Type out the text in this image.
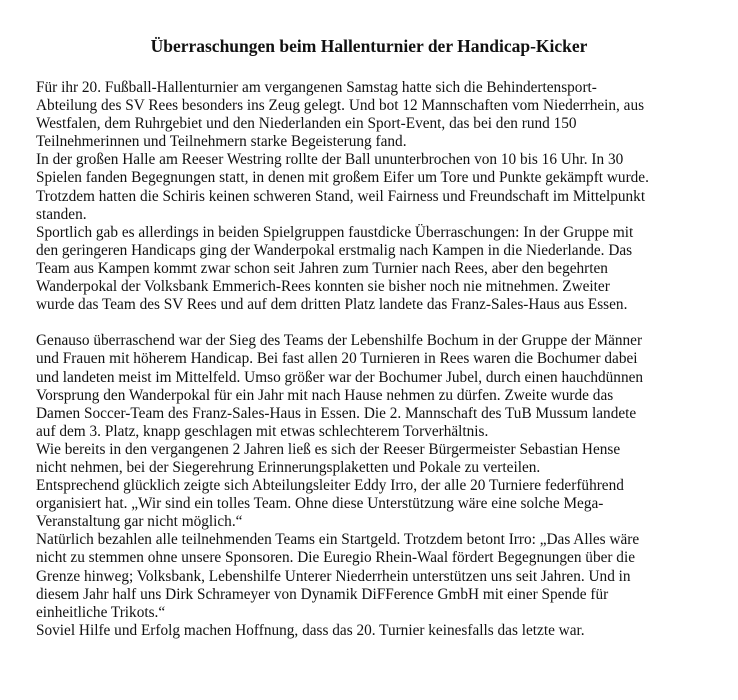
Überraschungen beim Hallenturnier der Handicap-Kicker
Für ihr 20. Fußball-Hallenturnier am vergangenen Samstag hatte sich die Behindertensport-
Abteilung des SV Rees besonders ins Zeug gelegt. Und bot 12 Mannschaften vom Niederrhein, aus
Westfalen, dem Ruhrgebiet und den Niederlanden ein Sport-Event, das bei den rund 150
Teilnehmerinnen und Teilnehmern starke Begeisterung fand.
In der großen Halle am Reeser Westring rollte der Ball ununterbrochen von 10 bis 16 Uhr. In 30
Spielen fanden Begegnungen statt, in denen mit großem Eifer um Tore und Punkte gekämpft wurde.
Trotzdem hatten die Schiris keinen schweren Stand, weil Fairness und Freundschaft im Mittelpunkt
standen.
Sportlich gab es allerdings in beiden Spielgruppen faustdicke Überraschungen: In der Gruppe mit
den geringeren Handicaps ging der Wanderpokal erstmalig nach Kampen in die Niederlande. Das
Team aus Kampen kommt zwar schon seit Jahren zum Turnier nach Rees, aber den begehrten
Wanderpokal der Volksbank Emmerich-Rees konnten sie bisher noch nie mitnehmen. Zweiter
wurde das Team des SV Rees und auf dem dritten Platz landete das Franz-Sales-Haus aus Essen.
Genauso überraschend war der Sieg des Teams der Lebenshilfe Bochum in der Gruppe der Männer
und Frauen mit höherem Handicap. Bei fast allen 20 Turnieren in Rees waren die Bochumer dabei
und landeten meist im Mittelfeld. Umso größer war der Bochumer Jubel, durch einen hauchdünnen
Vorsprung den Wanderpokal für ein Jahr mit nach Hause nehmen zu dürfen. Zweite wurde das
Damen Soccer-Team des Franz-Sales-Haus in Essen. Die 2. Mannschaft des TuB Mussum landete
auf dem 3. Platz, knapp geschlagen mit etwas schlechterem Torverhältnis.
Wie bereits in den vergangenen 2 Jahren ließ es sich der Reeser Bürgermeister Sebastian Hense
nicht nehmen, bei der Siegerehrung Erinnerungsplaketten und Pokale zu verteilen.
Entsprechend glücklich zeigte sich Abteilungsleiter Eddy Irro, der alle 20 Turniere federführend
organisiert hat. „Wir sind ein tolles Team. Ohne diese Unterstützung wäre eine solche Mega-
Veranstaltung gar nicht möglich.“
Natürlich bezahlen alle teilnehmenden Teams ein Startgeld. Trotzdem betont Irro: „Das Alles wäre
nicht zu stemmen ohne unsere Sponsoren. Die Euregio Rhein-Waal fördert Begegnungen über die
Grenze hinweg; Volksbank, Lebenshilfe Unterer Niederrhein unterstützen uns seit Jahren. Und in
diesem Jahr half uns Dirk Schrameyer von Dynamik DiFFerence GmbH mit einer Spende für
einheitliche Trikots.“
Soviel Hilfe und Erfolg machen Hoffnung, dass das 20. Turnier keinesfalls das letzte war.
